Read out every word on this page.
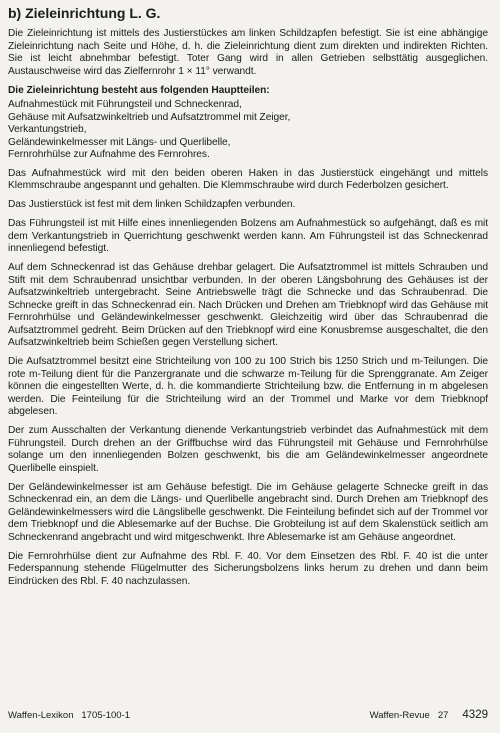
b) Zieleinrichtung L. G.

Die Zieleinrichtung ist mittels des Justierstückes am linken Schildzapfen befestigt. Sie ist eine abhängige Zieleinrichtung nach Seite und Höhe, d. h. die Zieleinrichtung dient zum direkten und indirekten Richten. Sie ist leicht abnehmbar befestigt. Toter Gang wird in allen Getrieben selbsttätig ausgeglichen. Austauschweise wird das Zielfernrohr 1 × 11° verwandt.

Die Zieleinrichtung besteht aus folgenden Hauptteilen:

Aufnahmestück mit Führungsteil und Schneckenrad,
Gehäuse mit Aufsatzwinkeltrieb und Aufsatztrommel mit Zeiger,
Verkantungstrieb,
Geländewinkelmesser mit Längs- und Querlibelle,
Fernrohrhülse zur Aufnahme des Fernrohres.

Das Aufnahmestück wird mit den beiden oberen Haken in das Justierstück eingehängt und mittels Klemmschraube angespannt und gehalten. Die Klemmschraube wird durch Federbolzen gesichert.

Das Justierstück ist fest mit dem linken Schildzapfen verbunden.

Das Führungsteil ist mit Hilfe eines innenliegenden Bolzens am Aufnahmestück so aufgehängt, daß es mit dem Verkantungstrieb in Querrichtung geschwenkt werden kann. Am Führungsteil ist das Schneckenrad innenliegend befestigt.

Auf dem Schneckenrad ist das Gehäuse drehbar gelagert. Die Aufsatztrommel ist mittels Schrauben und Stift mit dem Schraubenrad unsichtbar verbunden. In der oberen Längsbohrung des Gehäuses ist der Aufsatzwinkeltrieb untergebracht. Seine Antriebswelle trägt die Schnecke und das Schraubenrad. Die Schnecke greift in das Schneckenrad ein. Nach Drücken und Drehen am Triebknopf wird das Gehäuse mit Fernrohrhülse und Geländewinkelmesser geschwenkt. Gleichzeitig wird über das Schraubenrad die Aufsatztrommel gedreht. Beim Drücken auf den Triebknopf wird eine Konusbremse ausgeschaltet, die den Aufsatzwinkeltrieb beim Schießen gegen Verstellung sichert.

Die Aufsatztrommel besitzt eine Strichteilung von 100 zu 100 Strich bis 1250 Strich und m-Teilungen. Die rote m-Teilung dient für die Panzergranate und die schwarze m-Teilung für die Sprenggranate. Am Zeiger können die eingestellten Werte, d. h. die kommandierte Strichteilung bzw. die Entfernung in m abgelesen werden. Die Feinteilung für die Strichteilung wird an der Trommel und Marke vor dem Triebknopf abgelesen.

Der zum Ausschalten der Verkantung dienende Verkantungstrieb verbindet das Aufnahmestück mit dem Führungsteil. Durch drehen an der Griffbuchse wird das Führungsteil mit Gehäuse und Fernrohrhülse solange um den innenliegenden Bolzen geschwenkt, bis die am Geländewinkelmesser angeordnete Querlibelle einspielt.

Der Geländewinkelmesser ist am Gehäuse befestigt. Die im Gehäuse gelagerte Schnecke greift in das Schneckenrad ein, an dem die Längs- und Querlibelle angebracht sind. Durch Drehen am Triebknopf des Geländewinkelmessers wird die Längslibelle geschwenkt. Die Feinteilung befindet sich auf der Trommel vor dem Triebknopf und die Ablesemarke auf der Buchse. Die Grobteilung ist auf dem Skalenstück seitlich am Schneckenrand angebracht und wird mitgeschwenkt. Ihre Ablesemarke ist am Gehäuse angeordnet.

Die Fernrohrhülse dient zur Aufnahme des Rbl. F. 40. Vor dem Einsetzen des Rbl. F. 40 ist die unter Federspannung stehende Flügelmutter des Sicherungsbolzens links herum zu drehen und dann beim Eindrücken des Rbl. F. 40 nachzulassen.

Waffen-Lexikon   1705-100-1	Waffen-Revue 27 4329
